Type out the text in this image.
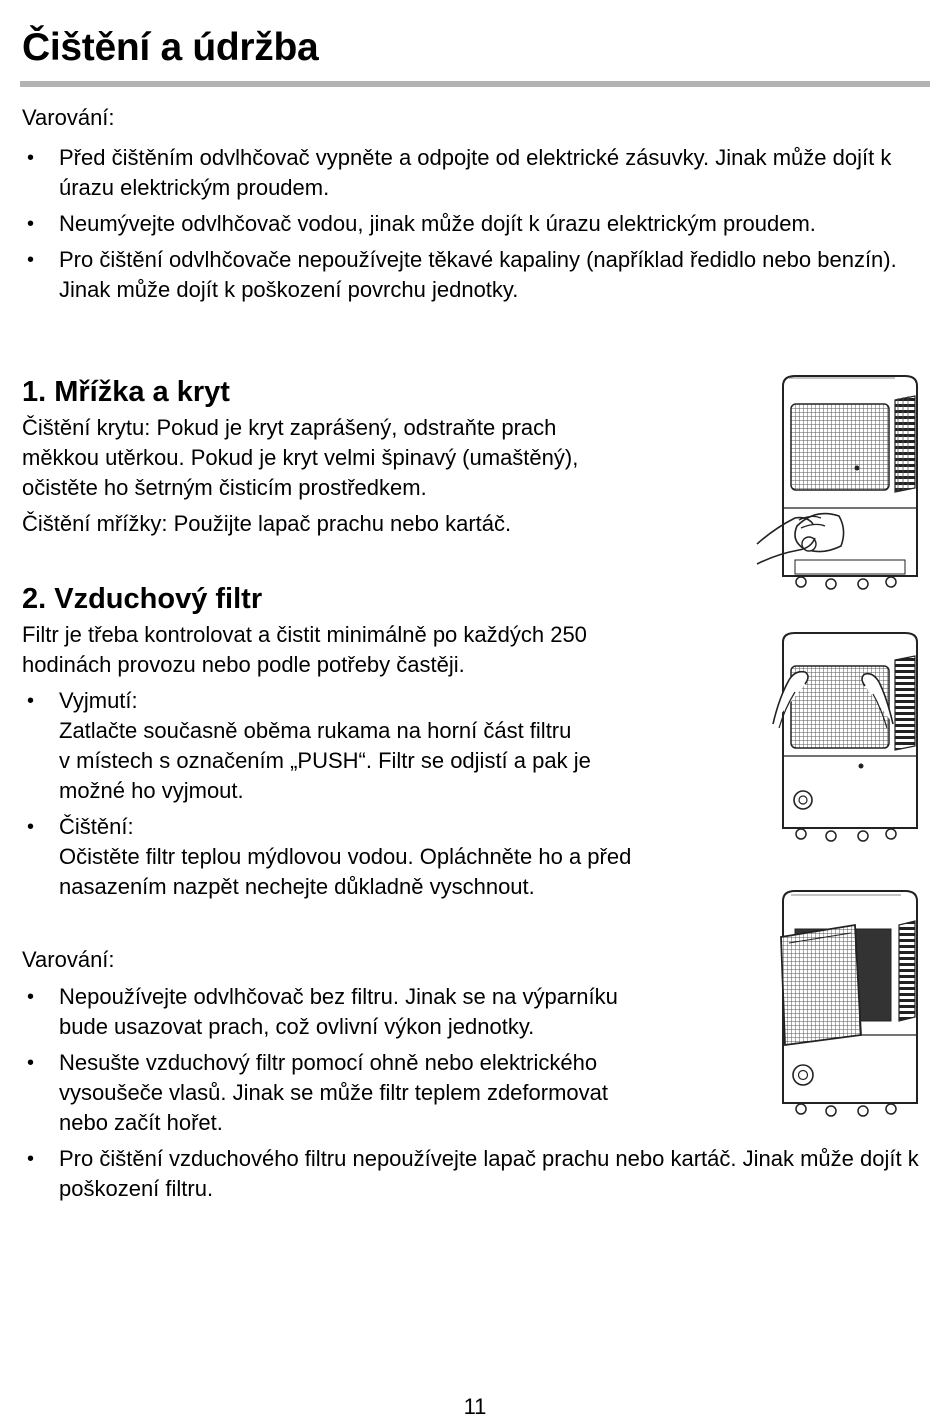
Čištění a údržba

Varování:

• Před čištěním odvlhčovač vypněte a odpojte od elektrické zásuvky. Jinak může dojít k úrazu elektrickým proudem.
• Neumývejte odvlhčovač vodou, jinak může dojít k úrazu elektrickým proudem.
• Pro čištění odvlhčovače nepoužívejte těkavé kapaliny (například ředidlo nebo benzín). Jinak může dojít k poškození povrchu jednotky.
1. Mřížka a kryt

Čištění krytu: Pokud je kryt zaprášený, odstraňte prach

měkkou utěrkou. Pokud je kryt velmi špinavý (umaštěný),

očistěte ho šetrným čisticím prostředkem.

Čištění mřížky: Použijte lapač prachu nebo kartáč.

2. Vzduchový filtr

Filtr je třeba kontrolovat a čistit minimálně po každých 250

hodinách provozu nebo podle potřeby častěji.

• Vyjmutí:
Zatlačte současně oběma rukama na horní část filtru
v místech s označením „PUSH“. Filtr se odjistí a pak je
možné ho vyjmout.
• Čištění:
Očistěte filtr teplou mýdlovou vodou. Opláchněte ho a před
nasazením nazpět nechejte důkladně vyschnout.

Varování:

• Nepoužívejte odvlhčovač bez filtru. Jinak se na výparníku
bude usazovat prach, což ovlivní výkon jednotky.
• Nesušte vzduchový filtr pomocí ohně nebo elektrického
vysoušeče vlasů. Jinak se může filtr teplem zdeformovat
nebo začít hořet.
• Pro čištění vzduchového filtru nepoužívejte lapač prachu nebo kartáč. Jinak může dojít k poškození filtru.
11
